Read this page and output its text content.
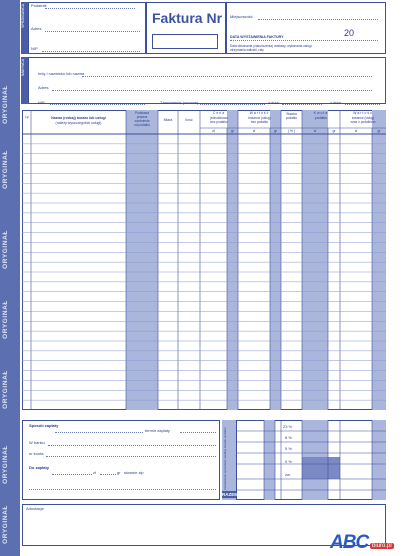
ORYGINAŁ
ORYGINAŁ
ORYGINAŁ
ORYGINAŁ
ORYGINAŁ
ORYGINAŁ
ORYGINAŁ
SPRZEDAWCA	Podatnik
Adres
NIP
Faktura Nr Miejscowość
20
DATA WYSTAWIENIA FAKTURY
Data dokonania (zakończenia) dostawy, wykonania usługi, otrzymania zaliczki, raty
NABYWCA	Imię i nazwisko lub nazwa
Adres
NIP	Zamówienie (umowa)	z dnia	z dnia
Lp	Nazwa (rodzaj) towaru lub usługi
(należy wyszczególnić usługi)
Podstawa
prawna
zwolnienia
od podatku
Miara	Ilość
Cena
jednostkowa
bez podatku
Wartość
towarów (usług)
bez podatku
Stawka
podatku
Kwota
podatku
Wartość
towarów (usług)
wraz z podatkiem
zł	gr	zł	gr	( % )	zł	gr	zł	gr
Sposób zapłaty
termin zapłaty
W banku
nr konta
Do zapłaty
zł	gr słownie złp	Zestawienie sprzedaży według stawek podatku
23 %
8 %
5 %
0 %
zw.
RAZEM
Adnotacje
ABC biuro.pl
